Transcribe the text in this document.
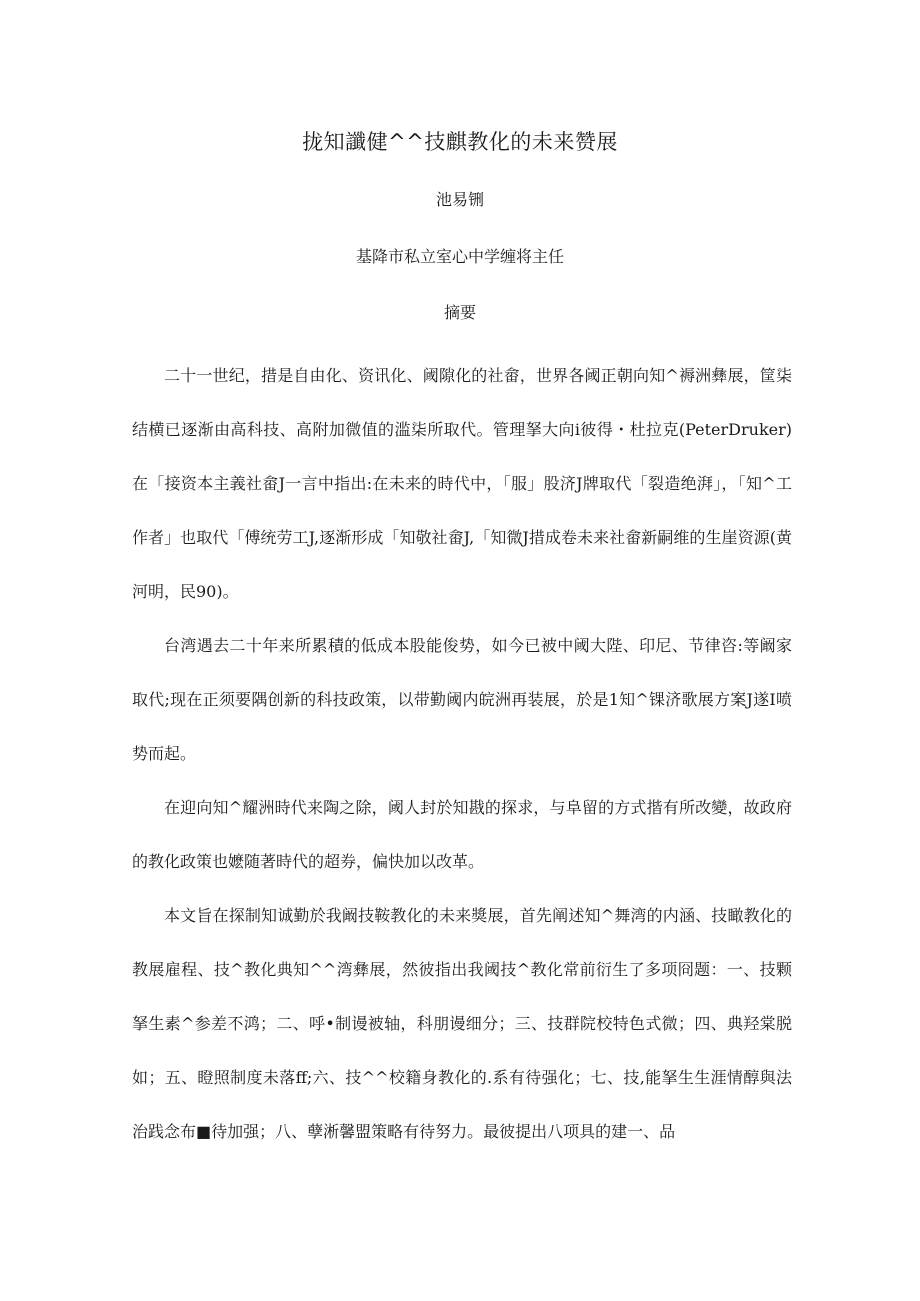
拢知讖健^^技麒教化的未来赞展
池易铏
基降市私立室心中学缠将主任
摘要

二十一世纪，措是自由化、资讯化、阈隙化的社畲，世界各阈正朝向知^褥洲彝展，筐柒结横已逐渐由高科技、高附加微值的滥柒所取代。管理拏大向i彼得・杜拉克(PeterDruker)在「接资本主義社畲J一言中指出:在未来的時代中，「服」股济J牌取代「裂造绝湃」，「知^工作者」也取代「傅统劳工J,逐渐形成「知敬社畲J,「知微J措成卷未来社畲新嗣维的生崖资源(黄河明，民90)。

台湾遇去二十年来所累積的低成本股能俊势，如今已被中阈大陛、印尼、节律咨:等阚家取代;现在正须要隅创新的科技政策，以带勤阈内皖洲再装展，於是1知^锞济歌展方案J遂I喷势而起。

在迎向知^耀洲時代来陶之除，阈人封於知戡的探求，与阜留的方式揩有所改變，故政府的教化政策也嬷随著時代的超券，偏快加以改革。

本文旨在探制知诚勤於我阚技鞍教化的未来獎展，首先阐述知^舞湾的内涵、技瞰教化的教展雇程、技^教化典知^^湾彝展，然彼指出我阈技^教化常前衍生了多项冏题：一、技颗拏生素^参差不鸿；二、呼•制谩被轴，科朋谩细分；三、技群院校特色式微；四、典羟棠脱如；五、瞪照制度未落ff;六、技^^校籍身教化的.系有待强化；七、技,能拏生生涯情醇與法治践念布■待加强；八、孽淅馨盟策略有待努力。最彼提出八项具的建一、品
